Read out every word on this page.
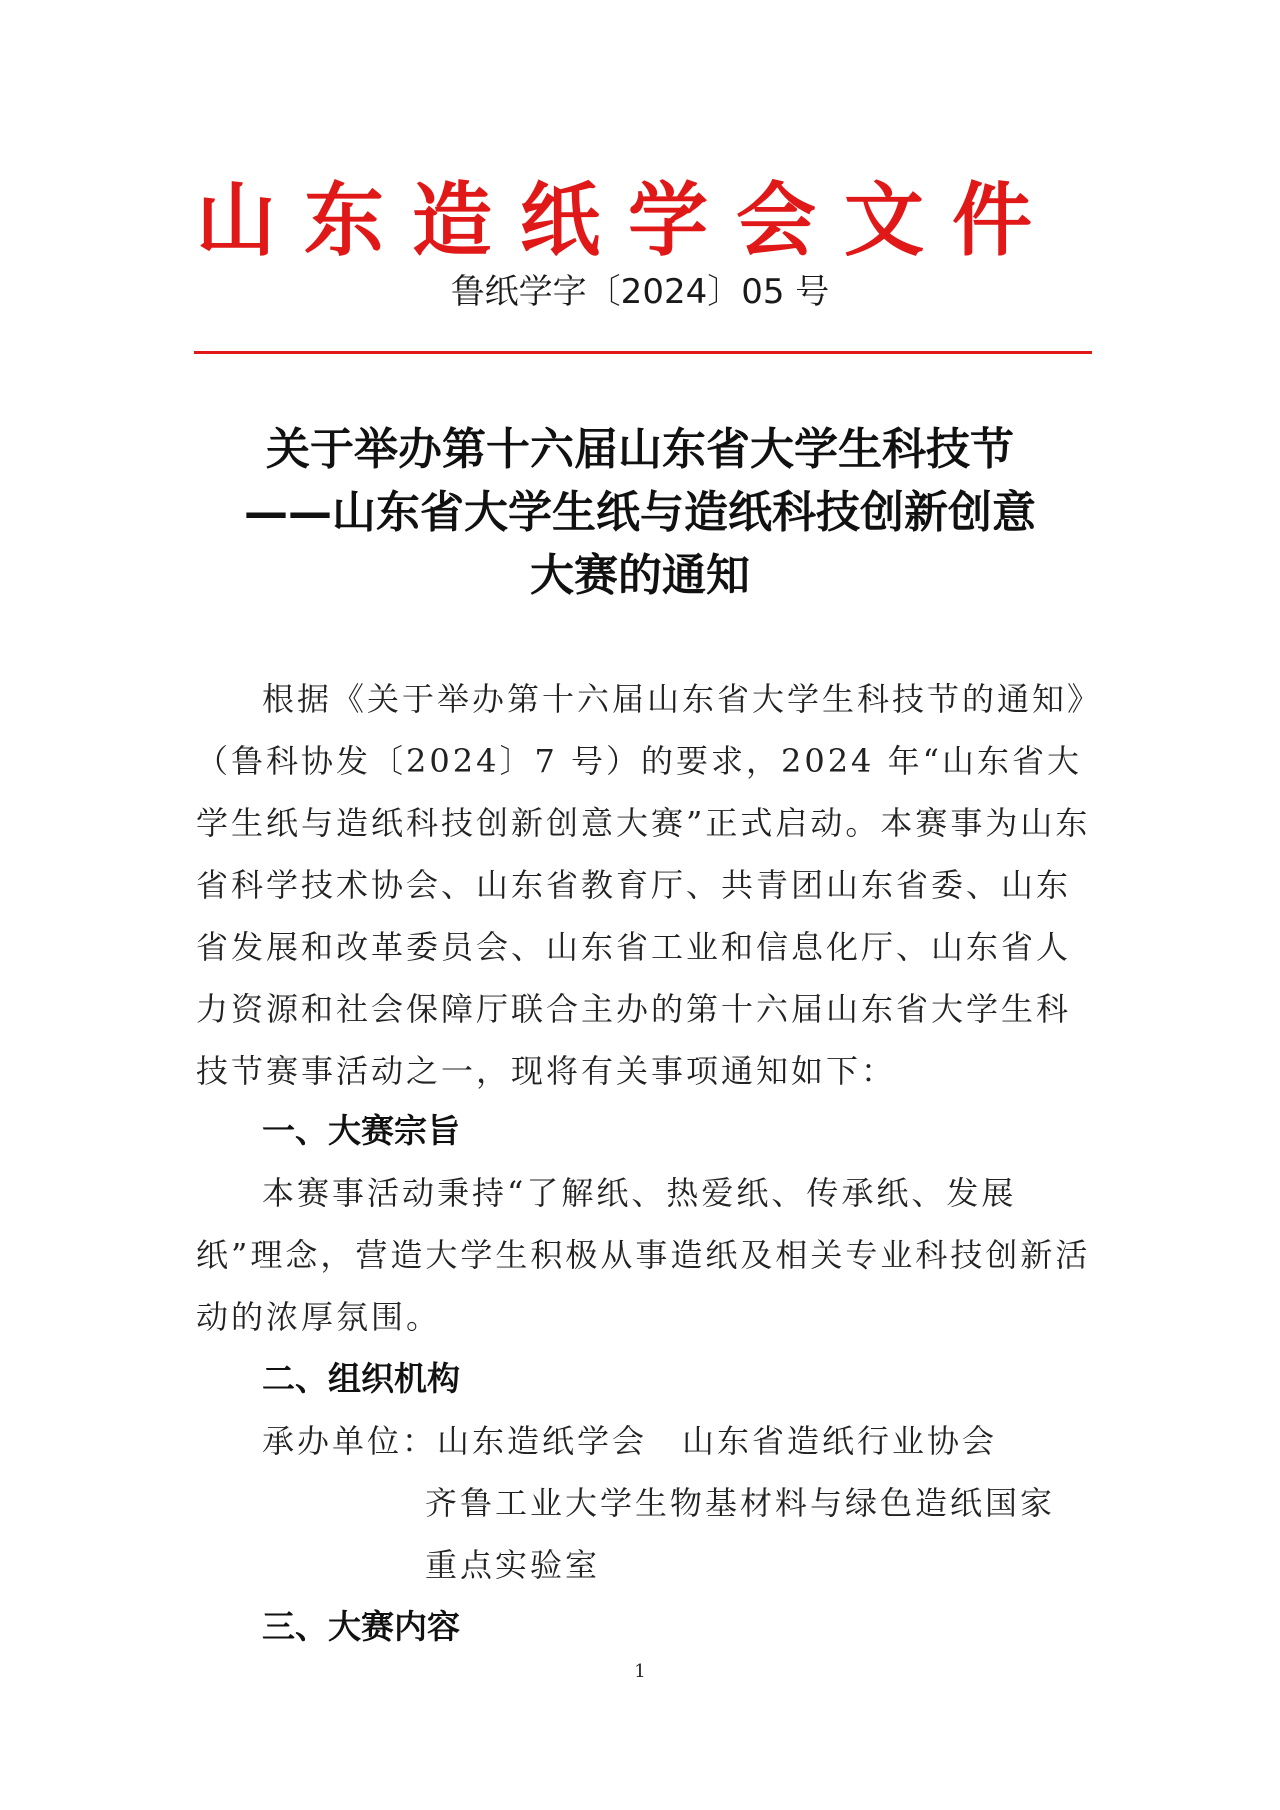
山东造纸学会文件
鲁纸学字〔2024〕05 号
关于举办第十六届山东省大学生科技节
——山东省大学生纸与造纸科技创新创意
大赛的通知
根据《关于举办第十六届山东省大学生科技节的通知》（鲁科协发〔2024〕7 号）的要求，2024 年“山东省大学生纸与造纸科技创新创意大赛”正式启动。本赛事为山东省科学技术协会、山东省教育厅、共青团山东省委、山东省发展和改革委员会、山东省工业和信息化厅、山东省人力资源和社会保障厅联合主办的第十六届山东省大学生科技节赛事活动之一，现将有关事项通知如下：
一、大赛宗旨
本赛事活动秉持“了解纸、热爱纸、传承纸、发展纸”理念，营造大学生积极从事造纸及相关专业科技创新活动的浓厚氛围。
二、组织机构
承办单位：山东造纸学会　山东省造纸行业协会
齐鲁工业大学生物基材料与绿色造纸国家
重点实验室
三、大赛内容
1
